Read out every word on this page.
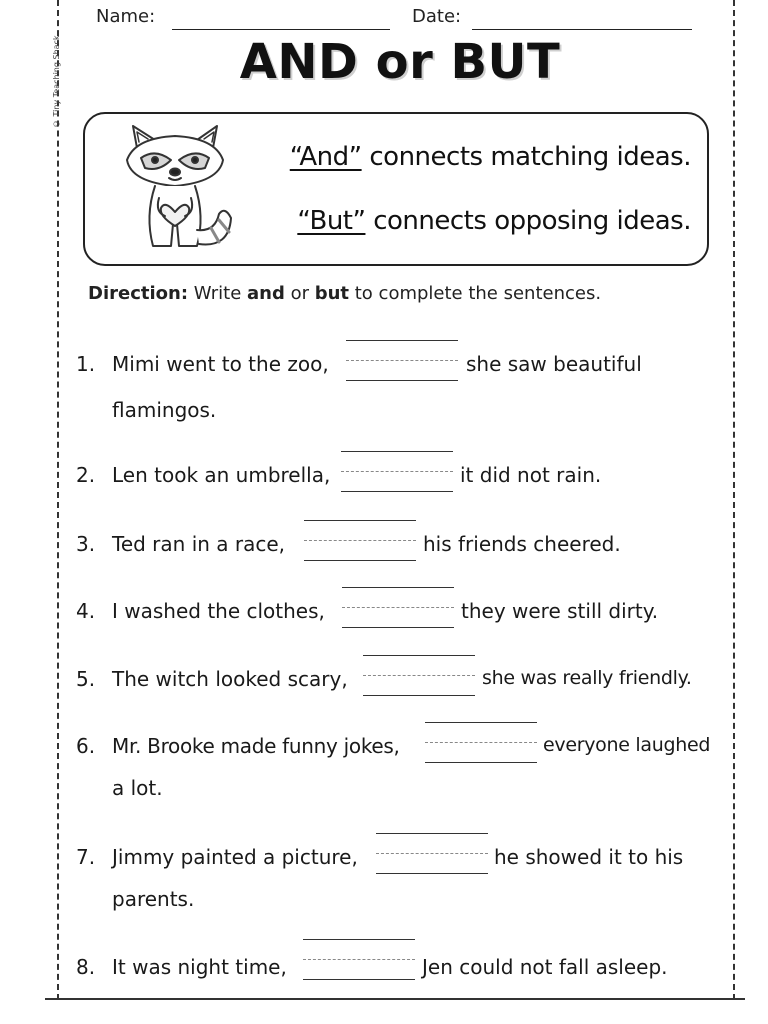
© Tiny Teaching Shack
Name:	Date:
AND or BUT
“And” connects matching ideas.
“But” connects opposing ideas.
Direction: Write and or but to complete the sentences.
1. Mimi went to the zoo,	she saw beautiful
flamingos.
2. Len took an umbrella,	it did not rain.
3. Ted ran in a race,	his friends cheered.
4. I washed the clothes,	they were still dirty.
5. The witch looked scary,	she was really friendly.
6. Mr. Brooke made funny jokes,	everyone laughed
a lot.
7. Jimmy painted a picture,	he showed it to his
parents.
8. It was night time,	Jen could not fall asleep.
